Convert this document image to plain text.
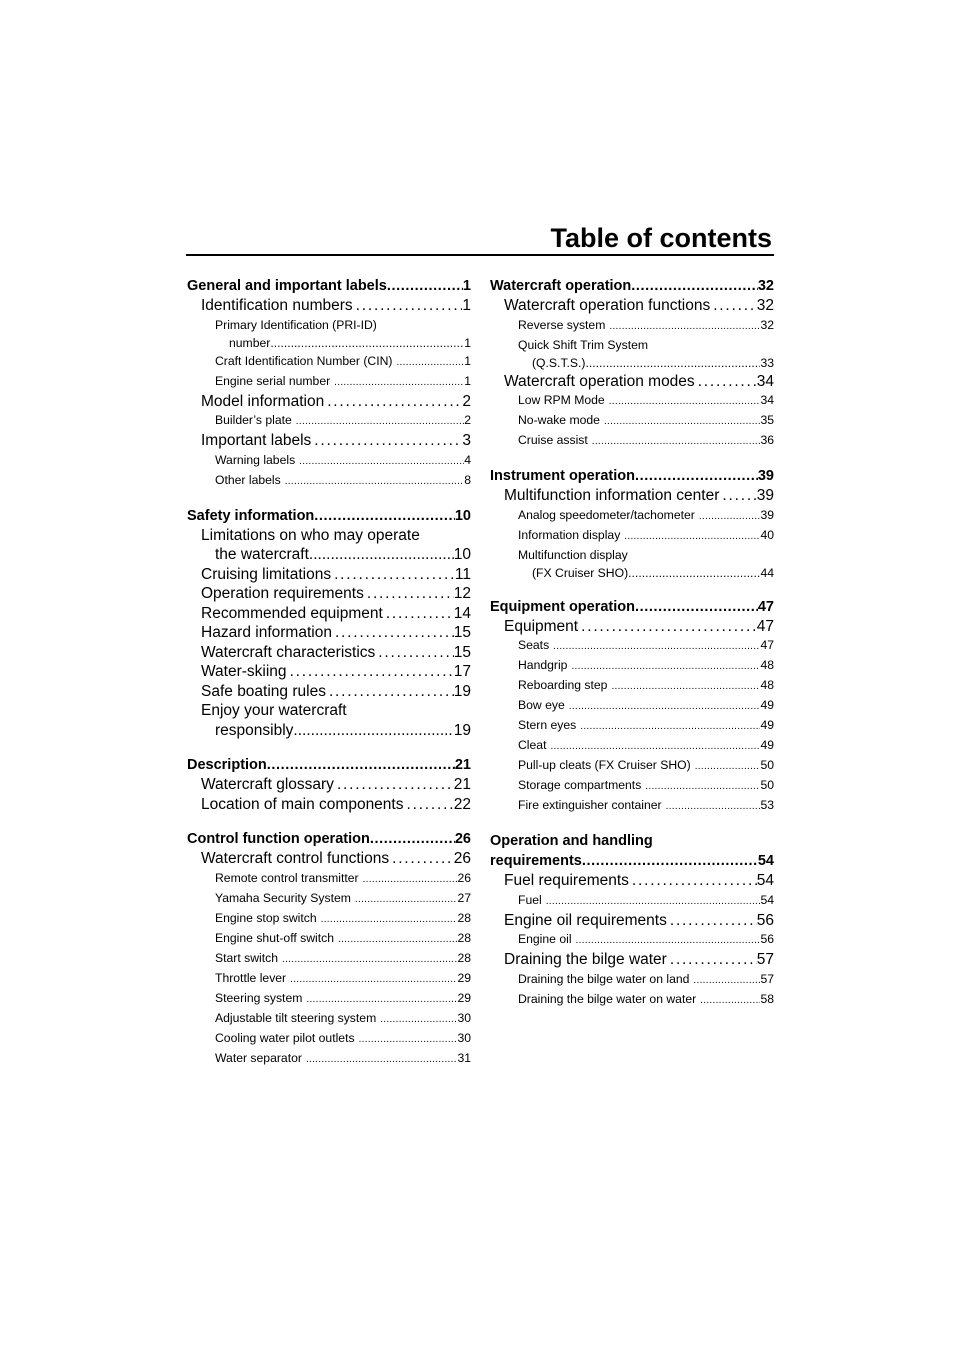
Table of contents
General and important labels .....	1
Identification numbers .....	1
Primary Identification (PRI-ID)
number .....	1
Craft Identification Number (CIN) .....	1
Engine serial number .....	1
Model information .....	2
Builder’s plate .....	2
Important labels .....	3
Warning labels .....	4
Other labels .....	8
Safety information .....	10
Limitations on who may operate
the watercraft .....	10
Cruising limitations .....	11
Operation requirements .....	12
Recommended equipment .....	14
Hazard information .....	15
Watercraft characteristics .....	15
Water-skiing .....	17
Safe boating rules .....	19
Enjoy your watercraft
responsibly .....	19
Description .....	21
Watercraft glossary .....	21
Location of main components .....	22
Control function operation .....	26
Watercraft control functions .....	26
Remote control transmitter .....	26
Yamaha Security System .....	27
Engine stop switch .....	28
Engine shut-off switch .....	28
Start switch .....	28
Throttle lever .....	29
Steering system .....	29
Adjustable tilt steering system .....	30
Cooling water pilot outlets .....	30
Water separator .....	31
Watercraft operation .....	32
Watercraft operation functions .....	32
Reverse system .....	32
Quick Shift Trim System
(Q.S.T.S.) .....	33
Watercraft operation modes .....	34
Low RPM Mode .....	34
No-wake mode .....	35
Cruise assist .....	36
Instrument operation .....	39
Multifunction information center ..... 39
Analog speedometer/tachometer .....	39
Information display .....	40
Multifunction display
(FX Cruiser SHO) .....	44
Equipment operation .....	47
Equipment .....	47
Seats .....	47
Handgrip .....	48
Reboarding step .....	48
Bow eye .....	49
Stern eyes .....	49
Cleat .....	49
Pull-up cleats (FX Cruiser SHO) .....	50
Storage compartments .....	50
Fire extinguisher container .....	53
Operation and handling
requirements .....	54
Fuel requirements .....	54
Fuel .....	54
Engine oil requirements .....	56
Engine oil .....	56
Draining the bilge water .....	57
Draining the bilge water on land .....	57
Draining the bilge water on water .....	58
